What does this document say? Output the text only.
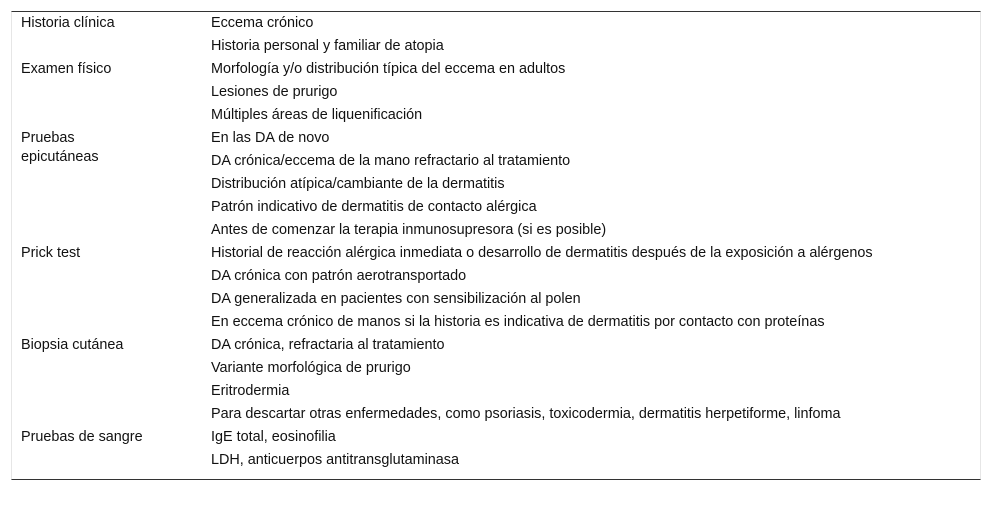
Historia clínica	Eccema crónico
	Historia personal y familiar de atopia
Examen físico	Morfología y/o distribución típica del eccema en adultos
	Lesiones de prurigo
	Múltiples áreas de liquenificación
Pruebas epicutáneas	En las DA de novo
	DA crónica/eccema de la mano refractario al tratamiento
	Distribución atípica/cambiante de la dermatitis
	Patrón indicativo de dermatitis de contacto alérgica
	Antes de comenzar la terapia inmunosupresora (si es posible)
Prick test	Historial de reacción alérgica inmediata o desarrollo de dermatitis después de la exposición a alérgenos
	DA crónica con patrón aerotransportado
	DA generalizada en pacientes con sensibilización al polen
	En eccema crónico de manos si la historia es indicativa de dermatitis por contacto con proteínas
Biopsia cutánea	DA crónica, refractaria al tratamiento
	Variante morfológica de prurigo
	Eritrodermia
	Para descartar otras enfermedades, como psoriasis, toxicodermia, dermatitis herpetiforme, linfoma
Pruebas de sangre	IgE total, eosinofilia
	LDH, anticuerpos antitransglutaminasa
